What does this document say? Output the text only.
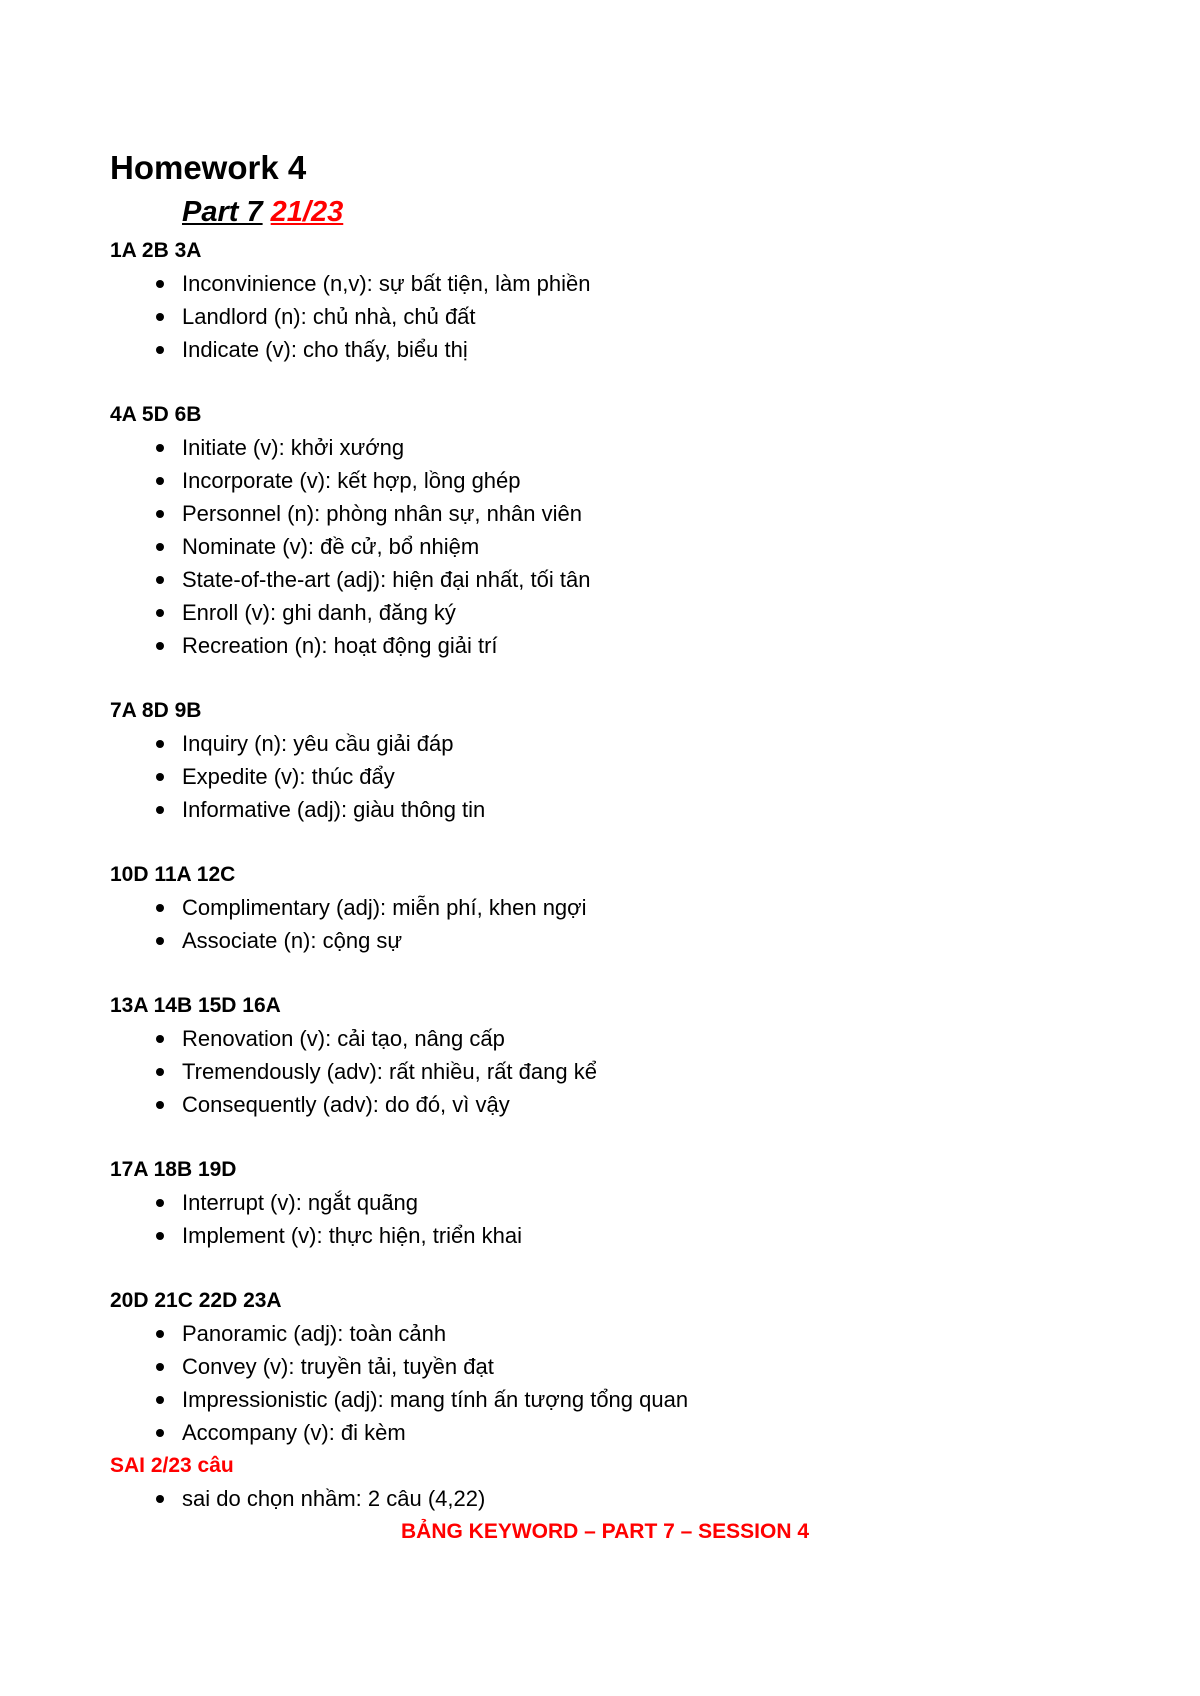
Homework 4
Part 7 21/23
1A 2B 3A
Inconvinience (n,v): sự bất tiện, làm phiền
Landlord (n): chủ nhà, chủ đất
Indicate (v): cho thấy, biểu thị
4A 5D 6B
Initiate (v): khởi xướng
Incorporate (v): kết hợp, lồng ghép
Personnel (n): phòng nhân sự, nhân viên
Nominate (v): đề cử, bổ nhiệm
State-of-the-art (adj): hiện đại nhất, tối tân
Enroll (v): ghi danh, đăng ký
Recreation (n): hoạt động giải trí
7A 8D 9B
Inquiry (n): yêu cầu giải đáp
Expedite (v): thúc đẩy
Informative (adj): giàu thông tin
10D 11A 12C
Complimentary (adj): miễn phí, khen ngợi
Associate (n): cộng sự
13A 14B 15D 16A
Renovation (v): cải tạo, nâng cấp
Tremendously (adv): rất nhiều, rất đang kể
Consequently (adv): do đó, vì vậy
17A 18B 19D
Interrupt (v): ngắt quãng
Implement (v): thực hiện, triển khai
20D 21C 22D 23A
Panoramic (adj): toàn cảnh
Convey (v): truyền tải, tuyền đạt
Impressionistic (adj): mang tính ấn tượng tổng quan
Accompany (v): đi kèm
SAI 2/23 câu
sai do chọn nhầm: 2 câu (4,22)
BẢNG KEYWORD – PART 7 – SESSION 4
